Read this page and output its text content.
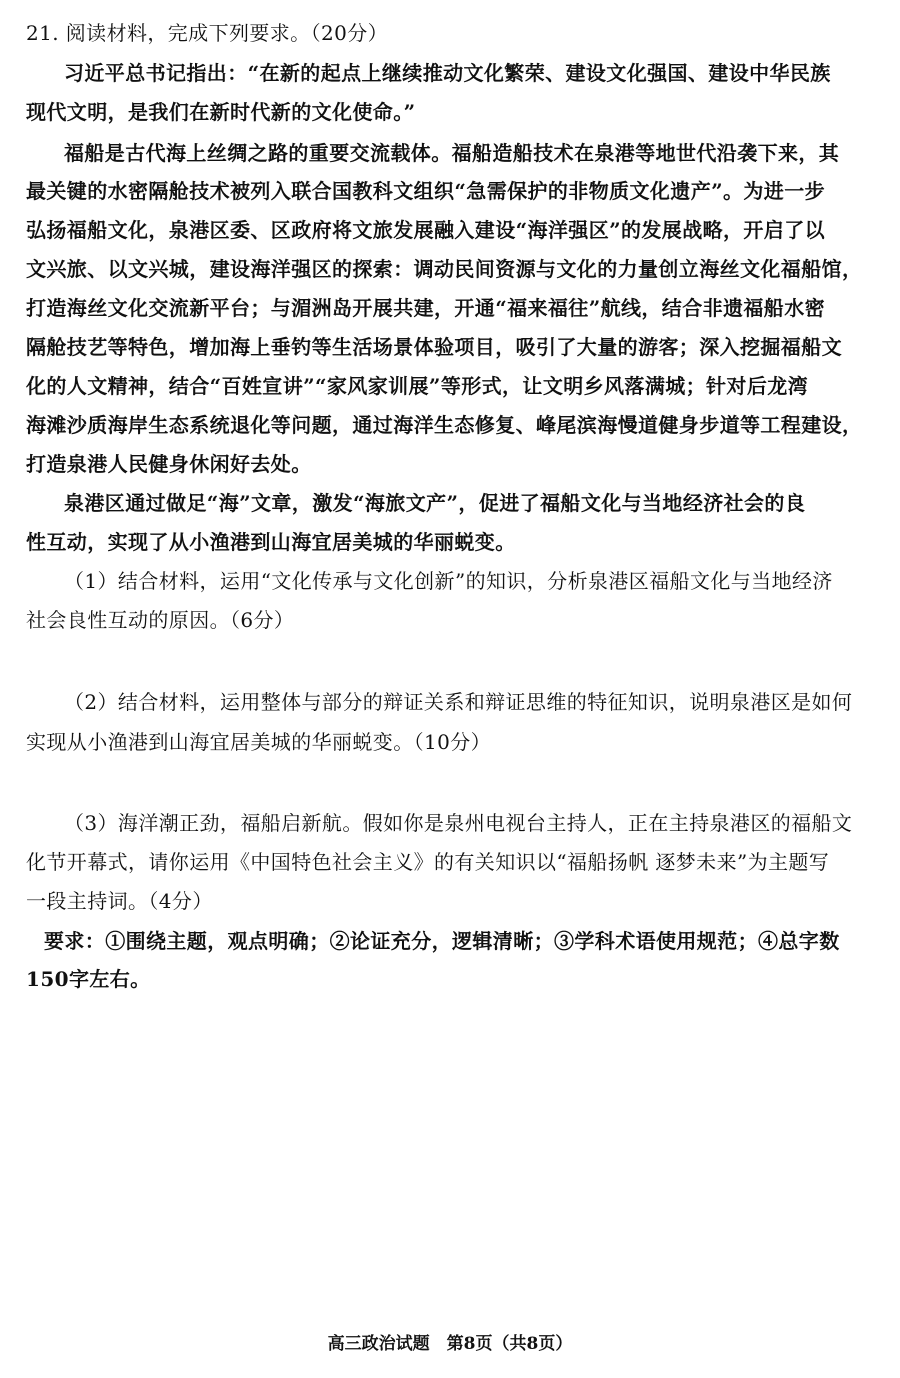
21. 阅读材料，完成下列要求。（20分）
习近平总书记指出：“在新的起点上继续推动文化繁荣、建设文化强国、建设中华民族
现代文明，是我们在新时代新的文化使命。”
福船是古代海上丝绸之路的重要交流载体。福船造船技术在泉港等地世代沿袭下来，其
最关键的水密隔舱技术被列入联合国教科文组织“急需保护的非物质文化遗产”。为进一步
弘扬福船文化，泉港区委、区政府将文旅发展融入建设“海洋强区”的发展战略，开启了以
文兴旅、以文兴城，建设海洋强区的探索：调动民间资源与文化的力量创立海丝文化福船馆，
打造海丝文化交流新平台；与湄洲岛开展共建，开通“福来福往”航线，结合非遗福船水密
隔舱技艺等特色，增加海上垂钓等生活场景体验项目，吸引了大量的游客；深入挖掘福船文
化的人文精神，结合“百姓宣讲”“家风家训展”等形式，让文明乡风落满城；针对后龙湾
海滩沙质海岸生态系统退化等问题，通过海洋生态修复、峰尾滨海慢道健身步道等工程建设，
打造泉港人民健身休闲好去处。
泉港区通过做足“海”文章，激发“海旅文产”，促进了福船文化与当地经济社会的良
性互动，实现了从小渔港到山海宜居美城的华丽蜕变。
（1）结合材料，运用“文化传承与文化创新”的知识，分析泉港区福船文化与当地经济
社会良性互动的原因。（6分）
（2）结合材料，运用整体与部分的辩证关系和辩证思维的特征知识，说明泉港区是如何
实现从小渔港到山海宜居美城的华丽蜕变。（10分）
（3）海洋潮正劲，福船启新航。假如你是泉州电视台主持人，正在主持泉港区的福船文
化节开幕式，请你运用《中国特色社会主义》的有关知识以“福船扬帆 逐梦未来”为主题写
一段主持词。（4分）
要求：①围绕主题，观点明确；②论证充分，逻辑清晰；③学科术语使用规范；④总字数
150字左右。
高三政治试题　第8页（共8页）
